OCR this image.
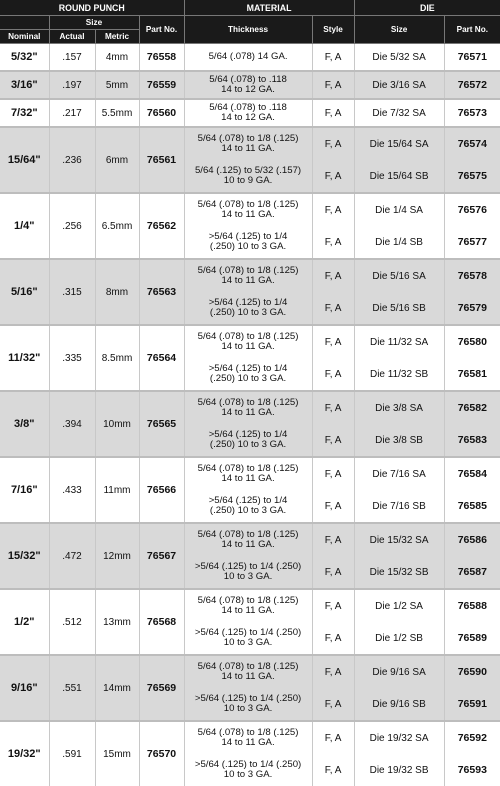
ROUND PUNCH				MATERIAL		DIE	
	Size		Part No.	Thickness	Style	Size	Part No.
Nominal	Actual	Metric					
5/32"	.157	4mm	76558	5/64 (.078) 14 GA.	F, A	Die 5/32 SA	76571
3/16"	.197	5mm	76559	5/64 (.078) to .118
14 to 12 GA.	F, A	Die 3/16 SA	76572
7/32"	.217	5.5mm	76560	5/64 (.078) to .118
14 to 12 GA.	F, A	Die 7/32 SA	76573
15/64"	.236	6mm	76561	5/64 (.078) to 1/8 (.125)
14 to 11 GA.	F, A	Die 15/64 SA	76574
				5/64 (.125) to 5/32 (.157)
10 to 9 GA.	F, A	Die 15/64 SB	76575
1/4"	.256	6.5mm	76562	5/64 (.078) to 1/8 (.125)
14 to 11 GA.	F, A	Die 1/4 SA	76576
				>5/64 (.125) to 1/4
(.250) 10 to 3 GA.	F, A	Die 1/4 SB	76577
5/16"	.315	8mm	76563	5/64 (.078) to 1/8 (.125)
14 to 11 GA.	F, A	Die 5/16 SA	76578
				>5/64 (.125) to 1/4
(.250) 10 to 3 GA.	F, A	Die 5/16 SB	76579
11/32"	.335	8.5mm	76564	5/64 (.078) to 1/8 (.125)
14 to 11 GA.	F, A	Die 11/32 SA	76580
				>5/64 (.125) to 1/4
(.250) 10 to 3 GA.	F, A	Die 11/32 SB	76581
3/8"	.394	10mm	76565	5/64 (.078) to 1/8 (.125)
14 to 11 GA.	F, A	Die 3/8 SA	76582
				>5/64 (.125) to 1/4
(.250) 10 to 3 GA.	F, A	Die 3/8 SB	76583
7/16"	.433	11mm	76566	5/64 (.078) to 1/8 (.125)
14 to 11 GA.	F, A	Die 7/16 SA	76584
				>5/64 (.125) to 1/4
(.250) 10 to 3 GA.	F, A	Die 7/16 SB	76585
15/32"	.472	12mm	76567	5/64 (.078) to 1/8 (.125)
14 to 11 GA.	F, A	Die 15/32 SA	76586
				>5/64 (.125) to 1/4 (.250)
10 to 3 GA.	F, A	Die 15/32 SB	76587
1/2"	.512	13mm	76568	5/64 (.078) to 1/8 (.125)
14 to 11 GA.	F, A	Die 1/2 SA	76588
				>5/64 (.125) to 1/4 (.250)
10 to 3 GA.	F, A	Die 1/2 SB	76589
9/16"	.551	14mm	76569	5/64 (.078) to 1/8 (.125)
14 to 11 GA.	F, A	Die 9/16 SA	76590
				>5/64 (.125) to 1/4 (.250)
10 to 3 GA.	F, A	Die 9/16 SB	76591
19/32"	.591	15mm	76570	5/64 (.078) to 1/8 (.125)
14 to 11 GA.	F, A	Die 19/32 SA	76592
				>5/64 (.125) to 1/4 (.250)
10 to 3 GA.	F, A	Die 19/32 SB	76593
